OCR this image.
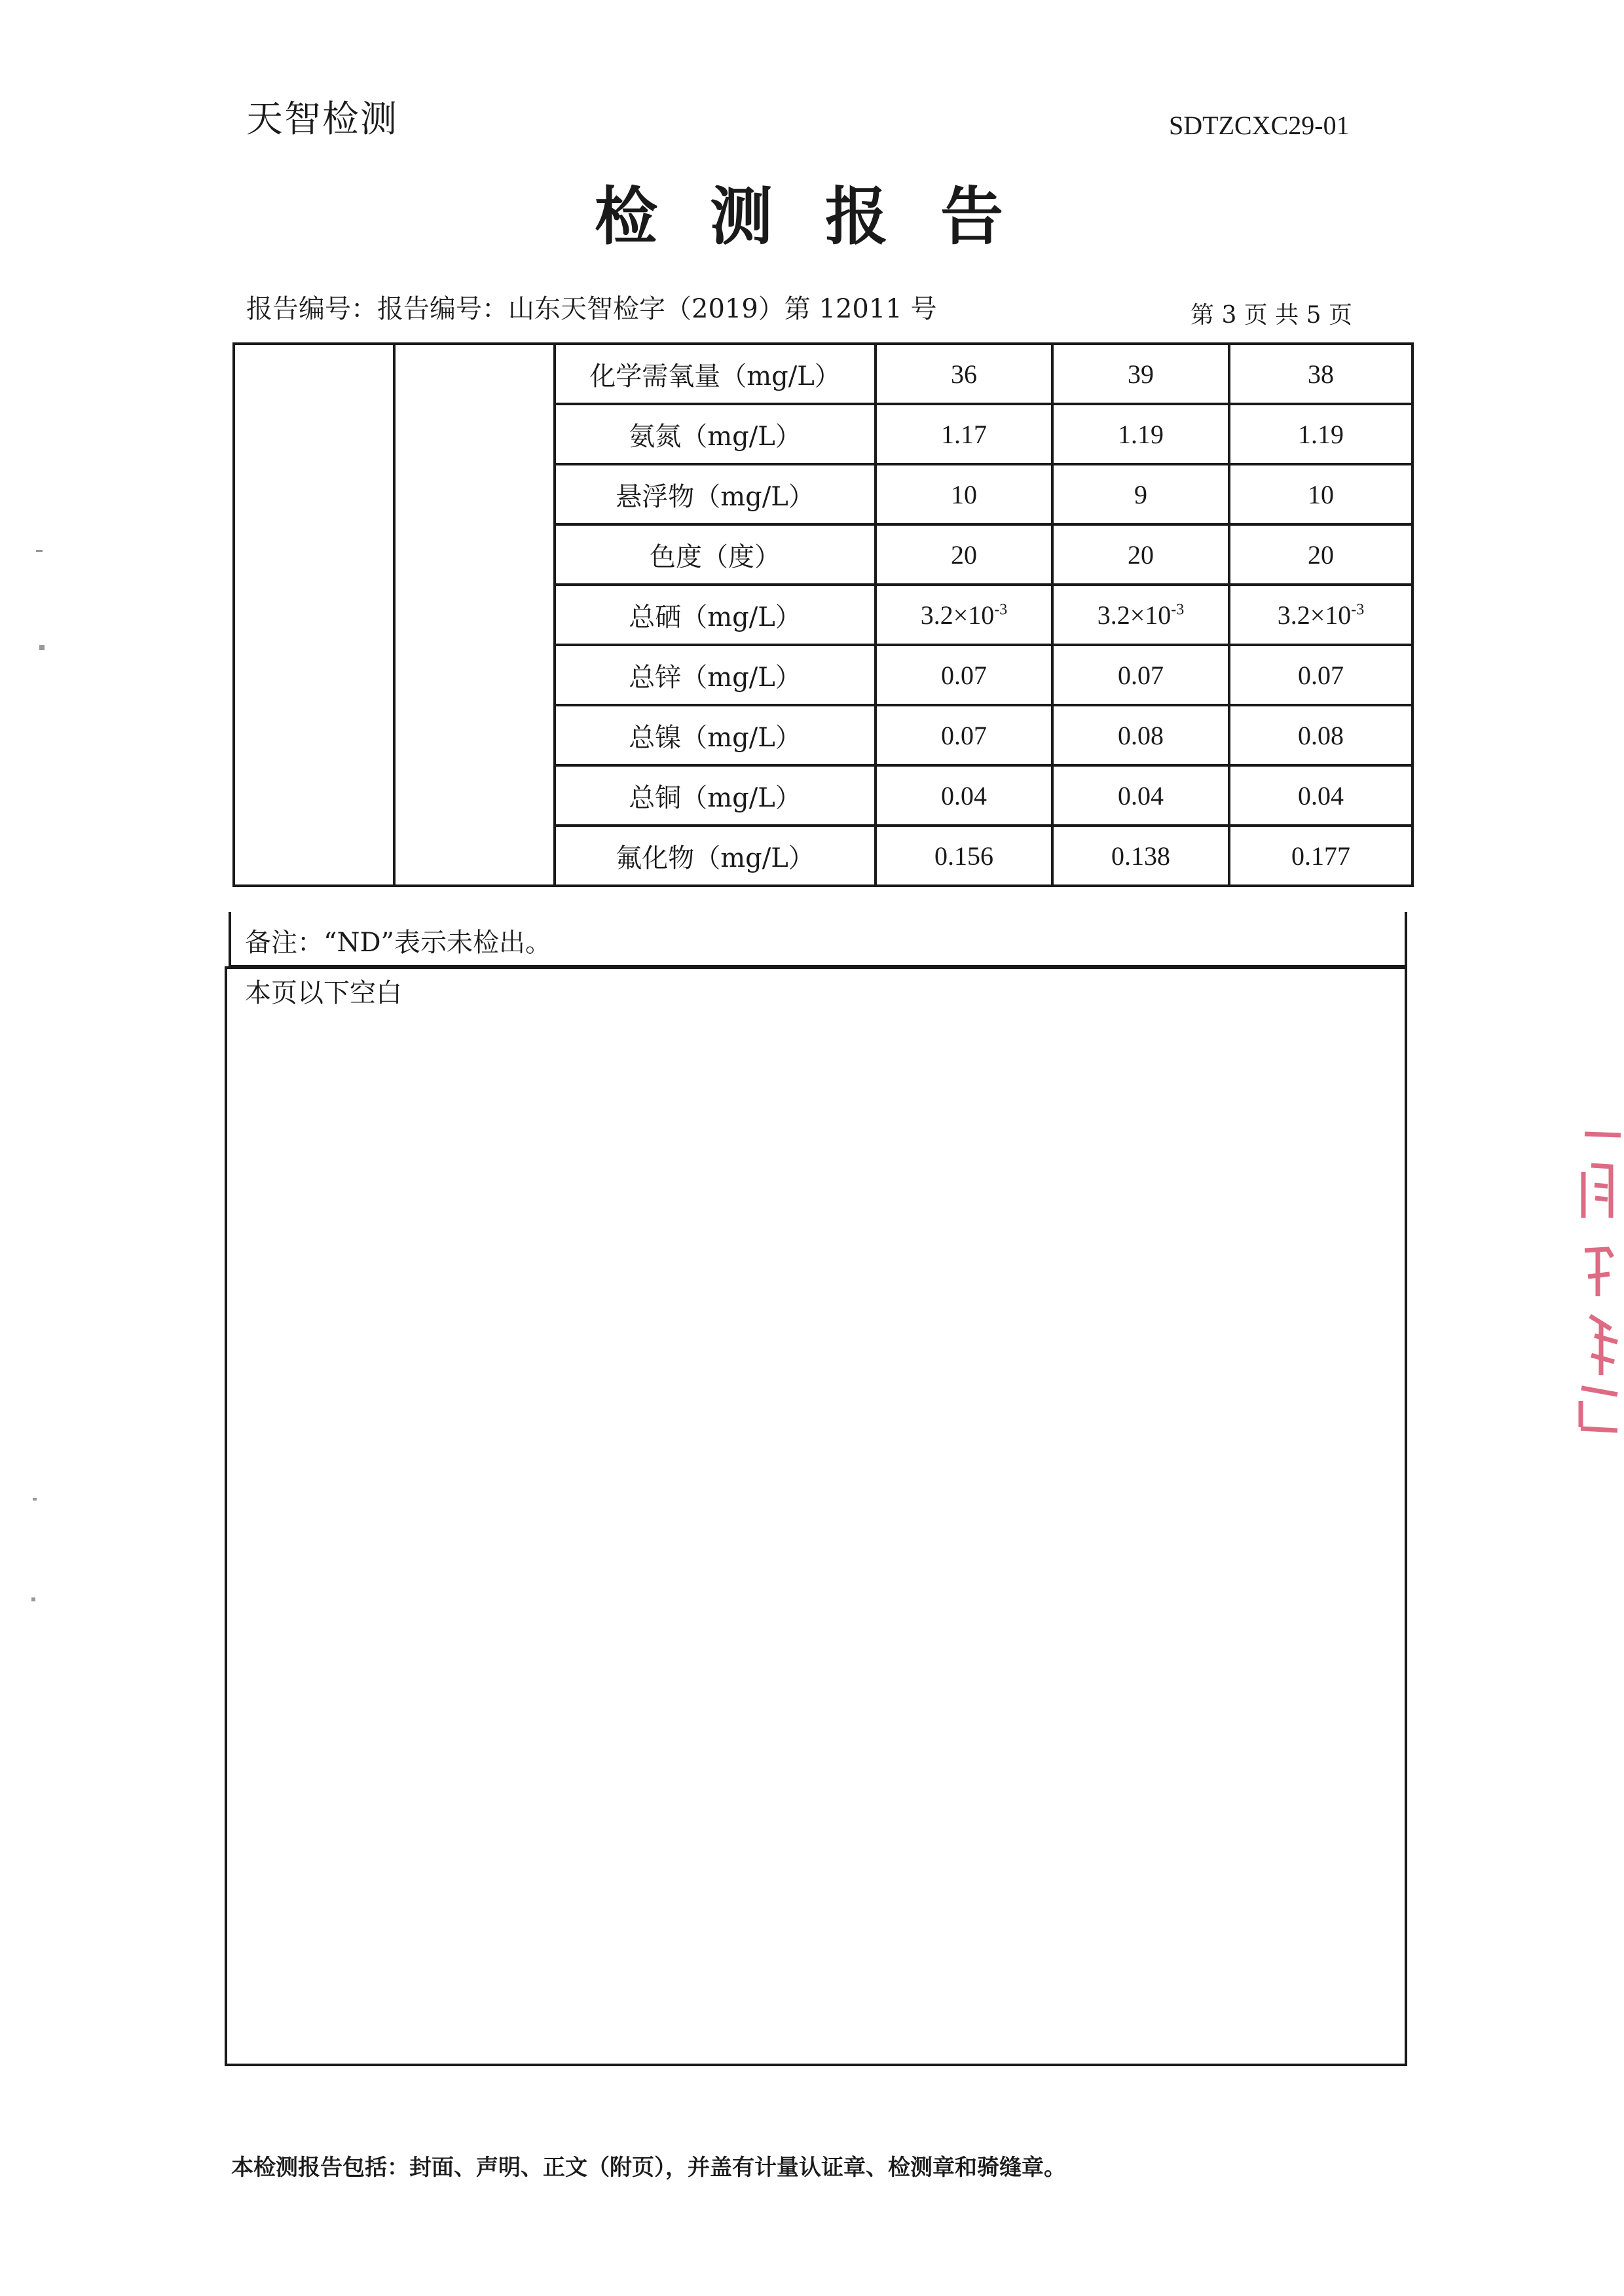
天智检测	SDTZCXC29-01
检测报告
报告编号：报告编号：山东天智检字（2019）第 12011 号	第 3 页 共 5 页
		化学需氧量（mg/L）	36	39	38
		氨氮（mg/L）	1.17	1.19	1.19
		悬浮物（mg/L）	10	9	10
		色度（度）	20	20	20
		总硒（mg/L）	$3.2\times 10^{-3}$	$3.2\times 10^{-3}$	$3.2\times 10^{-3}$
		总锌（mg/L）	0.07	0.07	0.07
		总镍（mg/L）	0.07	0.08	0.08
		总铜（mg/L）	0.04	0.04	0.04
		氟化物（mg/L）	0.156	0.138	0.177
备注：“ND”表示未检出。
本页以下空白
本检测报告包括：封面、声明、正文（附页），并盖有计量认证章、检测章和骑缝章。
